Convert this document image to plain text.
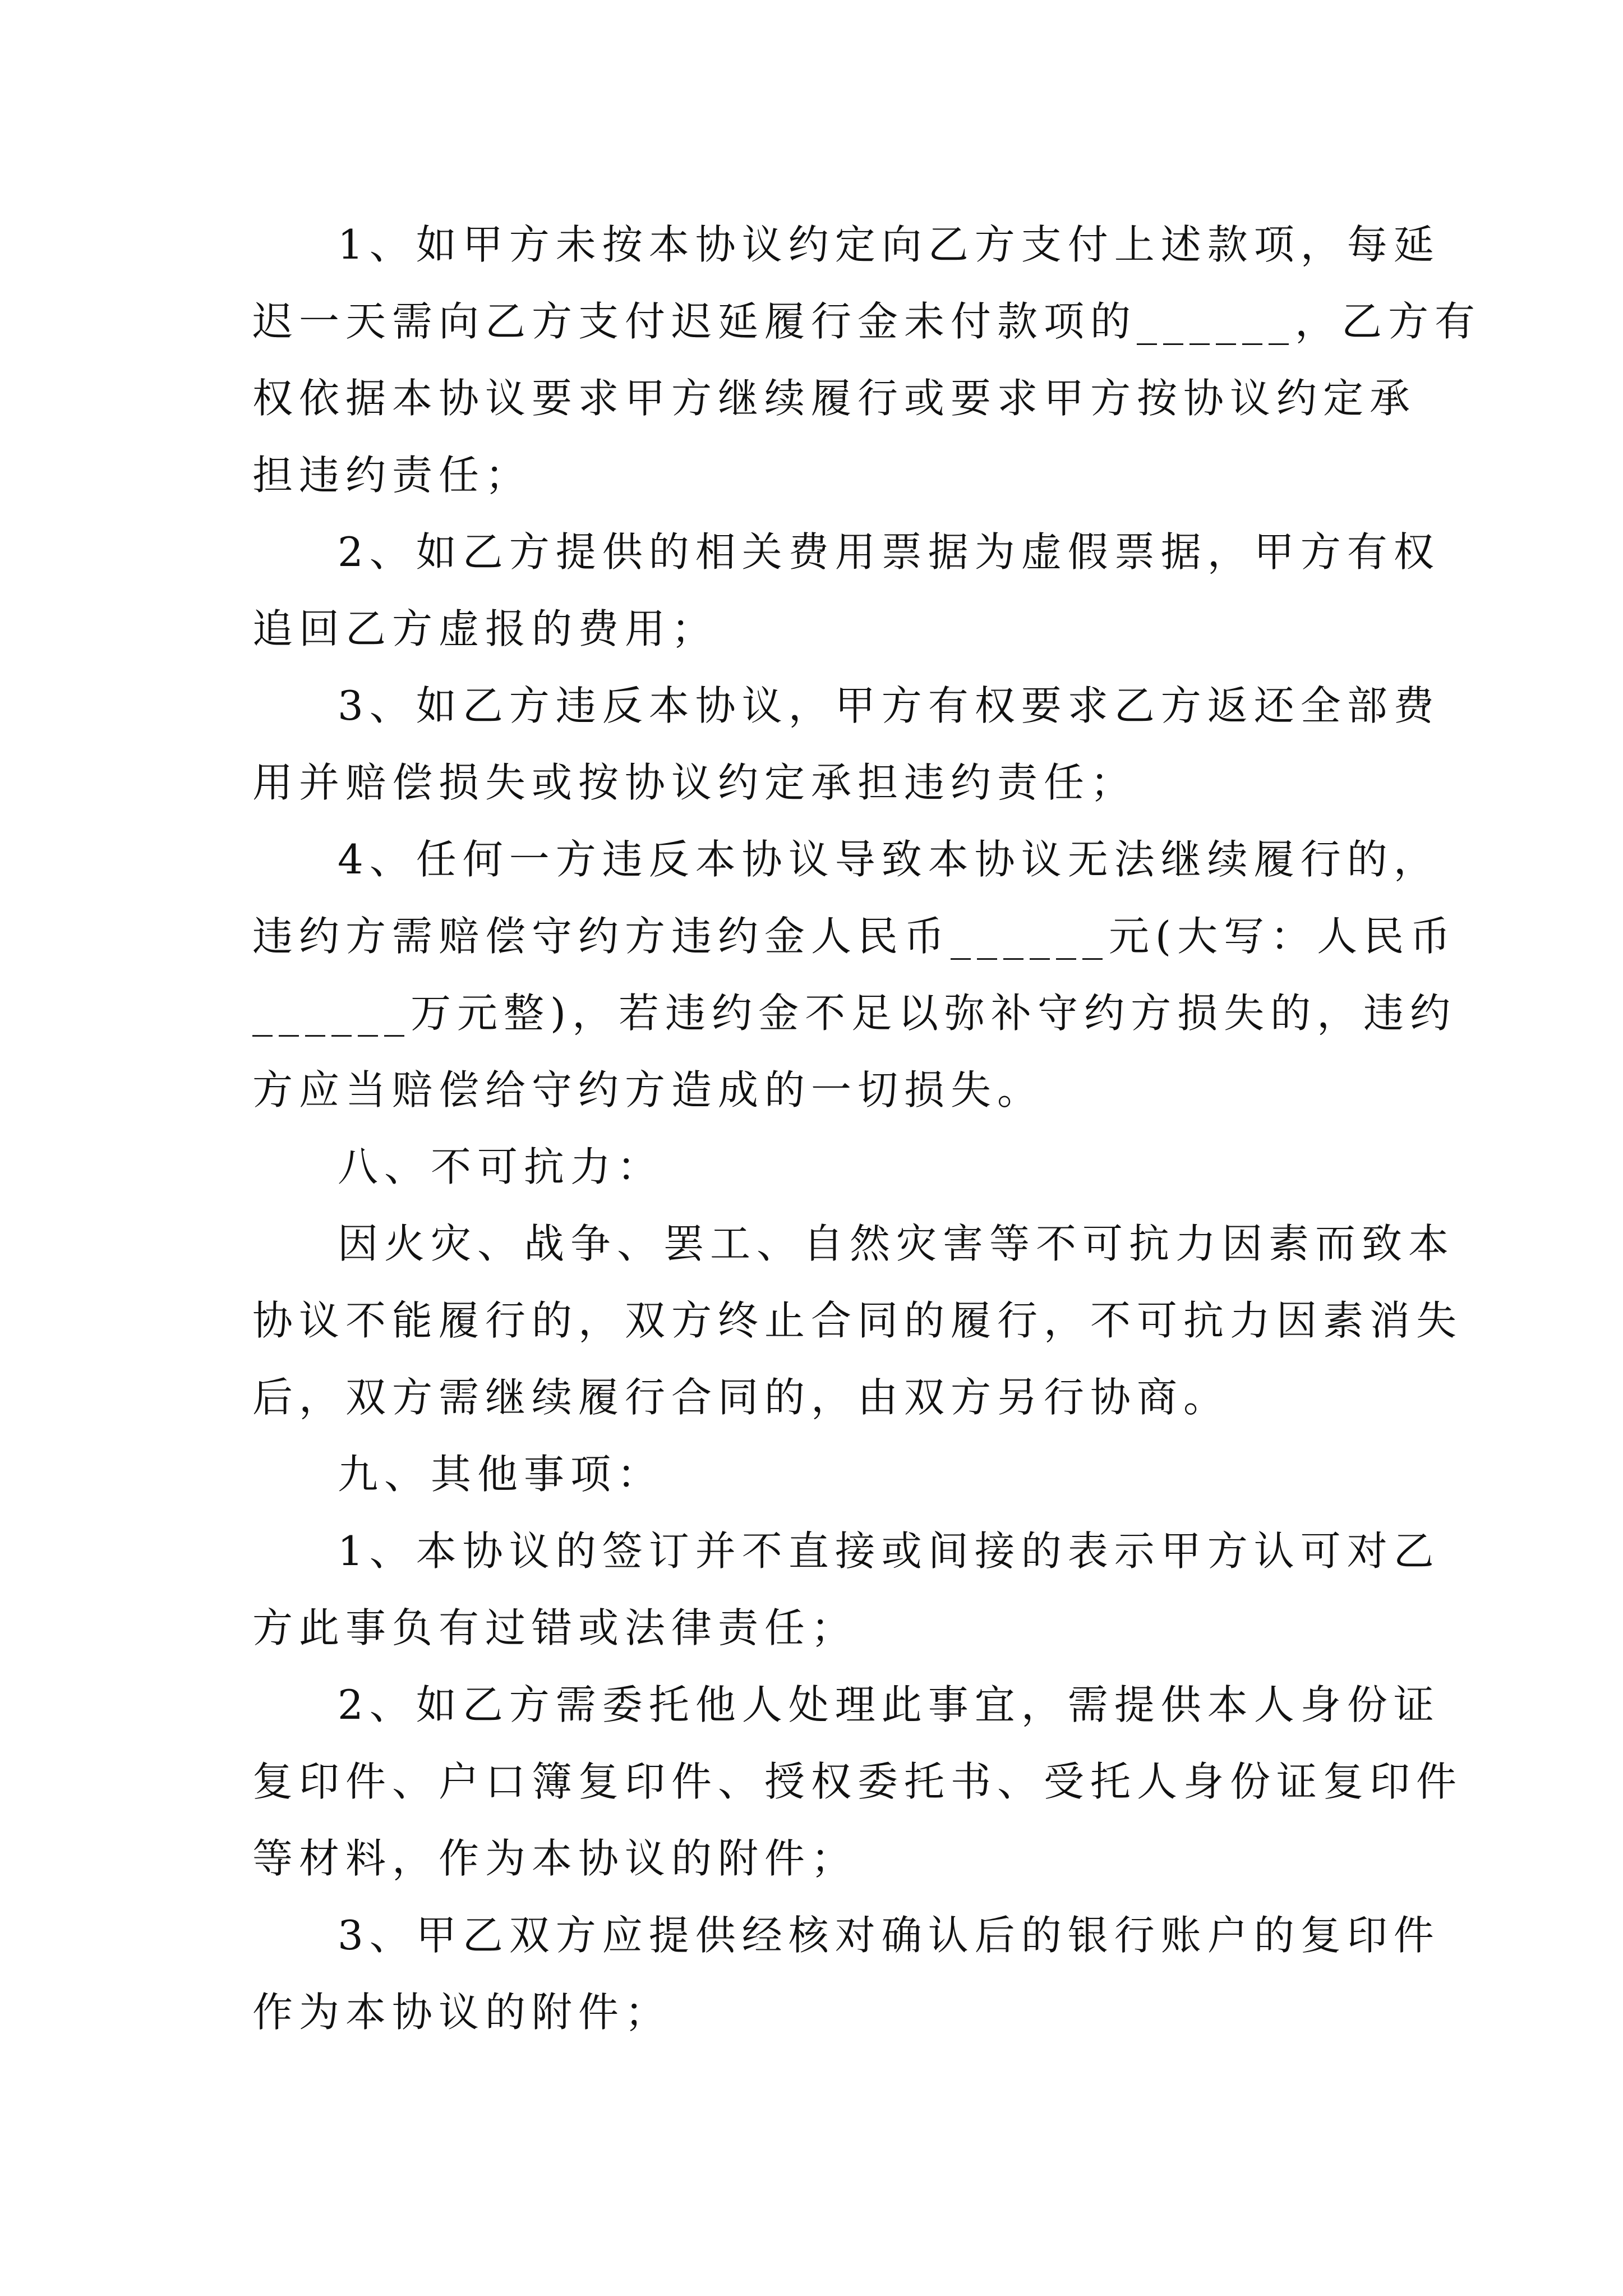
1、如甲方未按本协议约定向乙方支付上述款项，每延

迟一天需向乙方支付迟延履行金未付款项的______，乙方有

权依据本协议要求甲方继续履行或要求甲方按协议约定承

担违约责任；

2、如乙方提供的相关费用票据为虚假票据，甲方有权

追回乙方虚报的费用；

3、如乙方违反本协议，甲方有权要求乙方返还全部费

用并赔偿损失或按协议约定承担违约责任；

4、任何一方违反本协议导致本协议无法继续履行的，

违约方需赔偿守约方违约金人民币______元(大写：人民币

______万元整)，若违约金不足以弥补守约方损失的，违约

方应当赔偿给守约方造成的一切损失。

八、不可抗力：

因火灾、战争、罢工、自然灾害等不可抗力因素而致本

协议不能履行的，双方终止合同的履行，不可抗力因素消失

后，双方需继续履行合同的，由双方另行协商。

九、其他事项：

1、本协议的签订并不直接或间接的表示甲方认可对乙

方此事负有过错或法律责任；

2、如乙方需委托他人处理此事宜，需提供本人身份证

复印件、户口簿复印件、授权委托书、受托人身份证复印件

等材料，作为本协议的附件；

3、甲乙双方应提供经核对确认后的银行账户的复印件

作为本协议的附件；
